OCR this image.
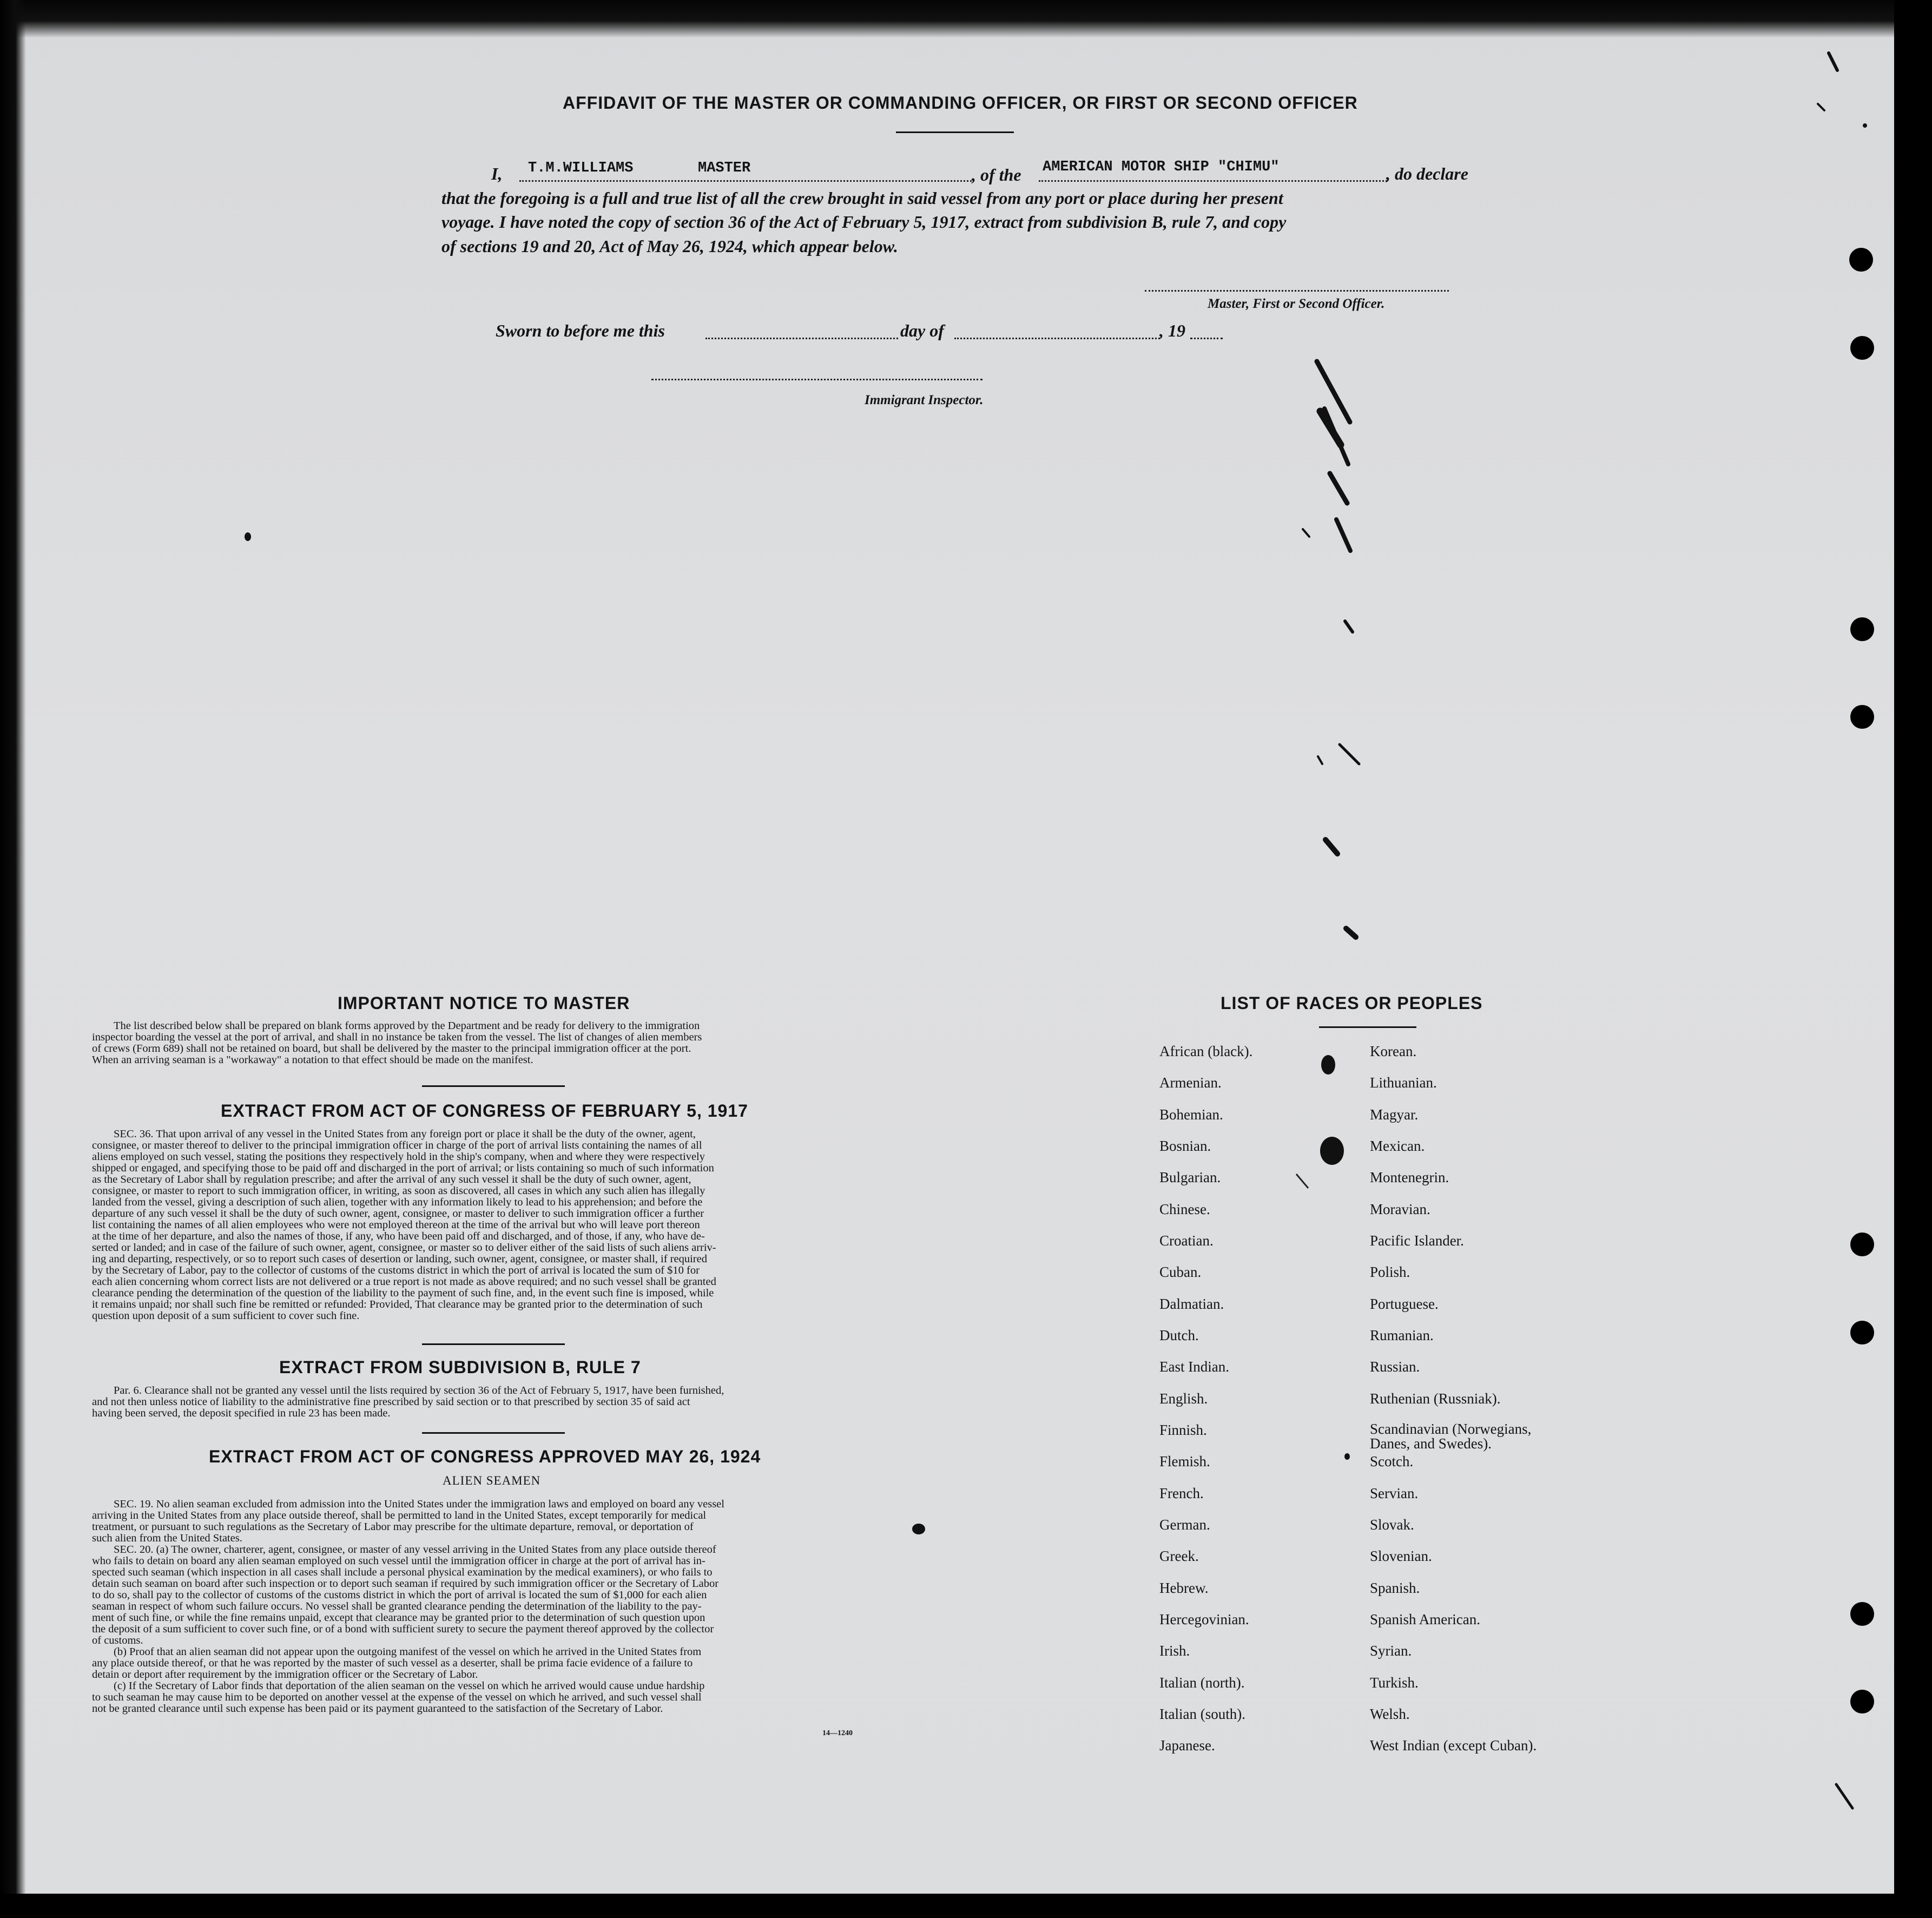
AFFIDAVIT OF THE MASTER OR COMMANDING OFFICER, OR FIRST OR SECOND OFFICER
I, T.M.WILLIAMS	MASTER	, of the AMERICAN MOTOR SHIP "CHIMU"	, do declare
that the foregoing is a full and true list of all the crew brought in said vessel from any port or place during her present
voyage. I have noted the copy of section 36 of the Act of February 5, 1917, extract from subdivision B, rule 7, and copy
of sections 19 and 20, Act of May 26, 1924, which appear below.
Master, First or Second Officer.
Sworn to before me this	day of	, 19
Immigrant Inspector.
IMPORTANT NOTICE TO MASTER
The list described below shall be prepared on blank forms approved by the Department and be ready for delivery to the immigration
inspector boarding the vessel at the port of arrival, and shall in no instance be taken from the vessel. The list of changes of alien members
of crews (Form 689) shall not be retained on board, but shall be delivered by the master to the principal immigration officer at the port.
When an arriving seaman is a "workaway" a notation to that effect should be made on the manifest.
EXTRACT FROM ACT OF CONGRESS OF FEBRUARY 5, 1917
SEC. 36. That upon arrival of any vessel in the United States from any foreign port or place it shall be the duty of the owner, agent,
consignee, or master thereof to deliver to the principal immigration officer in charge of the port of arrival lists containing the names of all
aliens employed on such vessel, stating the positions they respectively hold in the ship's company, when and where they were respectively
shipped or engaged, and specifying those to be paid off and discharged in the port of arrival; or lists containing so much of such information
as the Secretary of Labor shall by regulation prescribe; and after the arrival of any such vessel it shall be the duty of such owner, agent,
consignee, or master to report to such immigration officer, in writing, as soon as discovered, all cases in which any such alien has illegally
landed from the vessel, giving a description of such alien, together with any information likely to lead to his apprehension; and before the
departure of any such vessel it shall be the duty of such owner, agent, consignee, or master to deliver to such immigration officer a further
list containing the names of all alien employees who were not employed thereon at the time of the arrival but who will leave port thereon
at the time of her departure, and also the names of those, if any, who have been paid off and discharged, and of those, if any, who have de-
serted or landed; and in case of the failure of such owner, agent, consignee, or master so to deliver either of the said lists of such aliens arriv-
ing and departing, respectively, or so to report such cases of desertion or landing, such owner, agent, consignee, or master shall, if required
by the Secretary of Labor, pay to the collector of customs of the customs district in which the port of arrival is located the sum of $10 for
each alien concerning whom correct lists are not delivered or a true report is not made as above required; and no such vessel shall be granted
clearance pending the determination of the question of the liability to the payment of such fine, and, in the event such fine is imposed, while
it remains unpaid; nor shall such fine be remitted or refunded: Provided, That clearance may be granted prior to the determination of such
question upon deposit of a sum sufficient to cover such fine.
EXTRACT FROM SUBDIVISION B, RULE 7
Par. 6. Clearance shall not be granted any vessel until the lists required by section 36 of the Act of February 5, 1917, have been furnished,
and not then unless notice of liability to the administrative fine prescribed by said section or to that prescribed by section 35 of said act
having been served, the deposit specified in rule 23 has been made.
EXTRACT FROM ACT OF CONGRESS APPROVED MAY 26, 1924
ALIEN SEAMEN
SEC. 19. No alien seaman excluded from admission into the United States under the immigration laws and employed on board any vessel
arriving in the United States from any place outside thereof, shall be permitted to land in the United States, except temporarily for medical
treatment, or pursuant to such regulations as the Secretary of Labor may prescribe for the ultimate departure, removal, or deportation of
such alien from the United States.
SEC. 20. (a) The owner, charterer, agent, consignee, or master of any vessel arriving in the United States from any place outside thereof
who fails to detain on board any alien seaman employed on such vessel until the immigration officer in charge at the port of arrival has in-
spected such seaman (which inspection in all cases shall include a personal physical examination by the medical examiners), or who fails to
detain such seaman on board after such inspection or to deport such seaman if required by such immigration officer or the Secretary of Labor
to do so, shall pay to the collector of customs of the customs district in which the port of arrival is located the sum of $1,000 for each alien
seaman in respect of whom such failure occurs. No vessel shall be granted clearance pending the determination of the liability to the pay-
ment of such fine, or while the fine remains unpaid, except that clearance may be granted prior to the determination of such question upon
the deposit of a sum sufficient to cover such fine, or of a bond with sufficient surety to secure the payment thereof approved by the collector
of customs.
(b) Proof that an alien seaman did not appear upon the outgoing manifest of the vessel on which he arrived in the United States from
any place outside thereof, or that he was reported by the master of such vessel as a deserter, shall be prima facie evidence of a failure to
detain or deport after requirement by the immigration officer or the Secretary of Labor.
(c) If the Secretary of Labor finds that deportation of the alien seaman on the vessel on which he arrived would cause undue hardship
to such seaman he may cause him to be deported on another vessel at the expense of the vessel on which he arrived, and such vessel shall
not be granted clearance until such expense has been paid or its payment guaranteed to the satisfaction of the Secretary of Labor.
14—1240
LIST OF RACES OR PEOPLES
African (black).
Armenian.
Bohemian.
Bosnian.
Bulgarian.
Chinese.
Croatian.
Cuban.
Dalmatian.
Dutch.
East Indian.
English.
Finnish.
Flemish.
French.
German.
Greek.
Hebrew.
Hercegovinian.
Irish.
Italian (north).
Italian (south).
Japanese.
Korean.
Lithuanian.
Magyar.
Mexican.
Montenegrin.
Moravian.
Pacific Islander.
Polish.
Portuguese.
Rumanian.
Russian.
Ruthenian (Russniak).
Scandinavian (Norwegians, Danes, and Swedes).
Scotch.
Servian.
Slovak.
Slovenian.
Spanish.
Spanish American.
Syrian.
Turkish.
Welsh.
West Indian (except Cuban).
